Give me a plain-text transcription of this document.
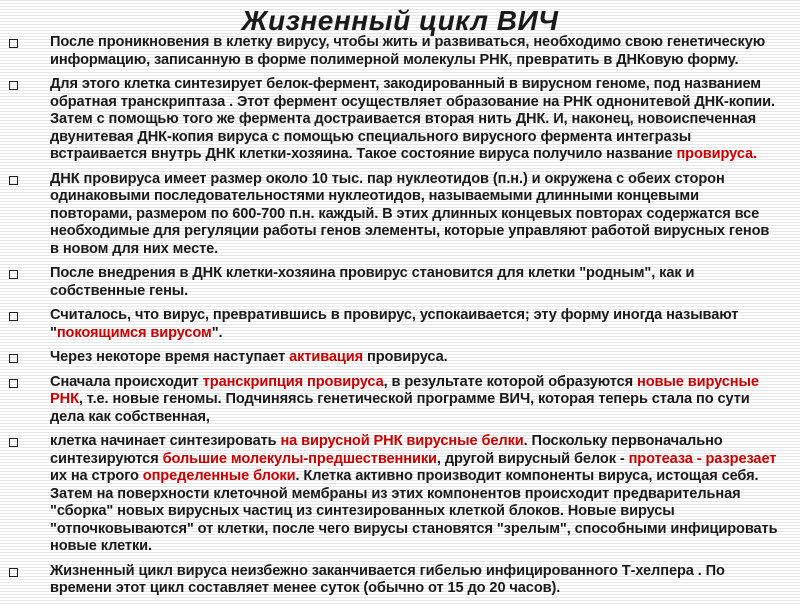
Жизненный цикл ВИЧ
После проникновения в клетку вирусу, чтобы жить и развиваться, необходимо свою генетическую информацию, записанную в форме полимерной молекулы РНК, превратить в ДНКовую форму.
Для этого клетка синтезирует белок-фермент, закодированный в вирусном геноме, под названием обратная транскриптаза . Этот фермент осуществляет образование на РНК однонитевой ДНК-копии. Затем с помощью того же фермента достраивается вторая нить ДНК. И, наконец, новоиспеченная двунитевая ДНК-копия вируса с помощью специального вирусного фермента интегразы встраивается внутрь ДНК клетки-хозяина. Такое состояние вируса получило название провируса.
ДНК провируса имеет размер около 10 тыс. пар нуклеотидов (п.н.) и окружена с обеих сторон одинаковыми последовательностями нуклеотидов, называемыми длинными концевыми повторами, размером по 600-700 п.н. каждый. В этих длинных концевых повторах содержатся все необходимые для регуляции работы генов элементы, которые управляют работой вирусных генов в новом для них месте.
После внедрения в ДНК клетки-хозяина провирус становится для клетки "родным", как и собственные гены.
Считалось, что вирус, превратившись в провирус, успокаивается; эту форму иногда называют "покоящимся вирусом".
Через некоторе время наступает активация провируса.
Сначала происходит транскрипция провируса, в результате которой образуются новые вирусные РНК, т.е. новые геномы. Подчиняясь генетической программе ВИЧ, которая теперь стала по сути дела как собственная,
клетка начинает синтезировать на вирусной РНК вирусные белки. Поскольку первоначально синтезируются большие молекулы-предшественники, другой вирусный белок - протеаза - разрезает их на строго определенные блоки. Клетка активно производит компоненты вируса, истощая себя. Затем на поверхности клеточной мембраны из этих компонентов происходит предварительная "сборка" новых вирусных частиц из синтезированных клеткой блоков. Новые вирусы "отпочковываются" от клетки, после чего вирусы становятся "зрелым", способными инфицировать новые клетки.
Жизненный цикл вируса неизбежно заканчивается гибелью инфицированного Т-хелпера . По времени этот цикл составляет менее суток (обычно от 15 до 20 часов).
